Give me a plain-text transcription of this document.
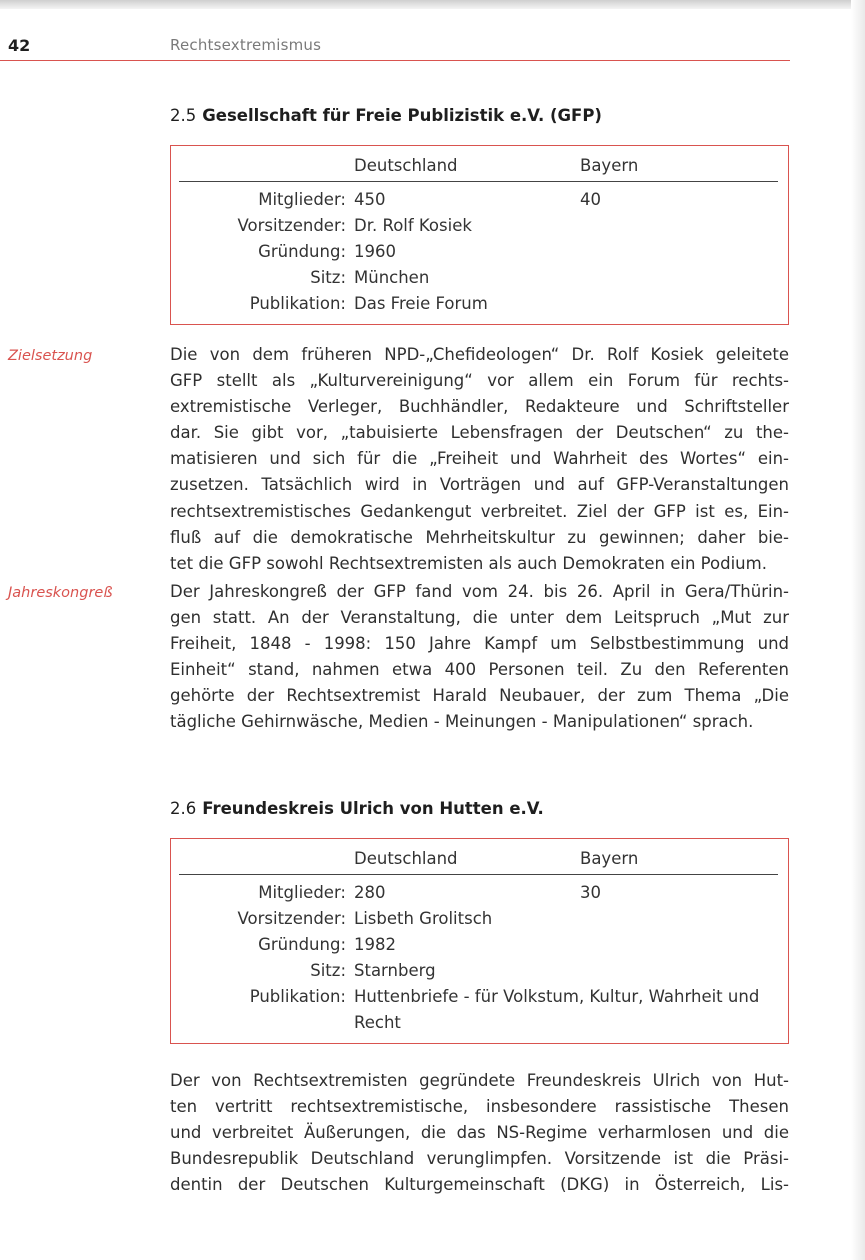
42	Rechtsextremismus
2.5 Gesellschaft für Freie Publizistik e.V. (GFP)
Deutschland	Bayern
Mitglieder: 450	40
Vorsitzender: Dr. Rolf Kosiek
Gründung: 1960
Sitz: München
Publikation: Das Freie Forum
Zielsetzung	Die von dem früheren NPD-„Chefideologen“ Dr. Rolf Kosiek geleitete
GFP stellt als „Kulturvereinigung“ vor allem ein Forum für rechts-
extremistische Verleger, Buchhändler, Redakteure und Schriftsteller
dar. Sie gibt vor, „tabuisierte Lebensfragen der Deutschen“ zu the-
matisieren und sich für die „Freiheit und Wahrheit des Wortes“ ein-
zusetzen. Tatsächlich wird in Vorträgen und auf GFP-Veranstaltungen
rechtsextremistisches Gedankengut verbreitet. Ziel der GFP ist es, Ein-
fluß auf die demokratische Mehrheitskultur zu gewinnen; daher bie-
tet die GFP sowohl Rechtsextremisten als auch Demokraten ein Podium.

Jahreskongreß	Der Jahreskongreß der GFP fand vom 24. bis 26. April in Gera/Thürin-
gen statt. An der Veranstaltung, die unter dem Leitspruch „Mut zur
Freiheit, 1848 - 1998: 150 Jahre Kampf um Selbstbestimmung und
Einheit“ stand, nahmen etwa 400 Personen teil. Zu den Referenten
gehörte der Rechtsextremist Harald Neubauer, der zum Thema „Die
tägliche Gehirnwäsche, Medien - Meinungen - Manipulationen“ sprach.

2.6 Freundeskreis Ulrich von Hutten e.V.
Deutschland	Bayern
Mitglieder: 280	30
Vorsitzender: Lisbeth Grolitsch
Gründung: 1982
Sitz: Starnberg
Publikation: Huttenbriefe - für Volkstum, Kultur, Wahrheit und Recht

Der von Rechtsextremisten gegründete Freundeskreis Ulrich von Hut-
ten vertritt rechtsextremistische, insbesondere rassistische Thesen
und verbreitet Äußerungen, die das NS-Regime verharmlosen und die
Bundesrepublik Deutschland verunglimpfen. Vorsitzende ist die Präsi-
dentin der Deutschen Kulturgemeinschaft (DKG) in Österreich, Lis-
